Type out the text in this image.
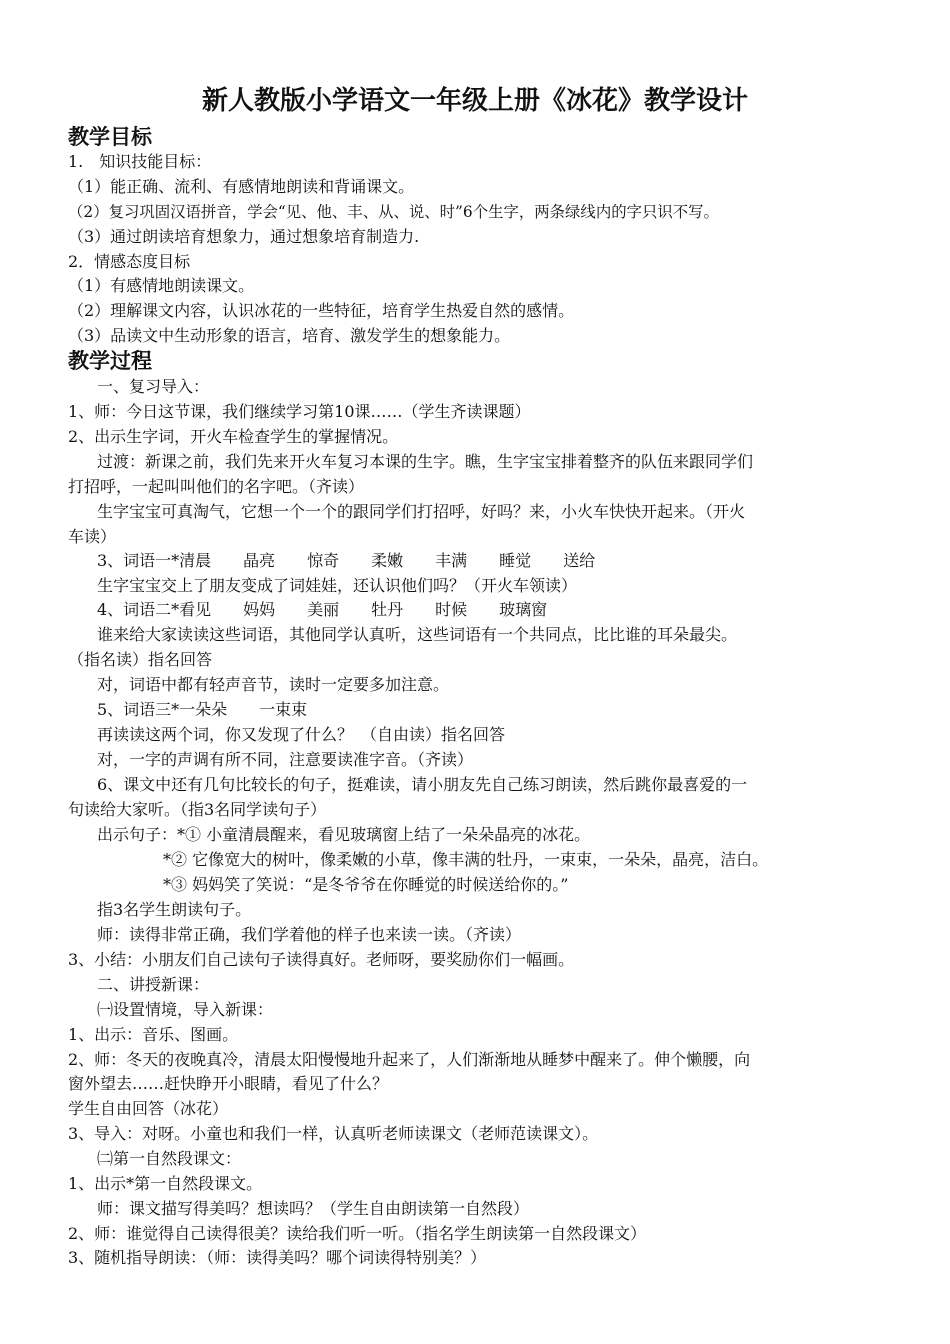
新人教版小学语文一年级上册《冰花》教学设计
教学目标
教学过程
1.　知识技能目标：
（1）能正确、流利、有感情地朗读和背诵课文。
（2）复习巩固汉语拼音，学会“见、他、丰、从、说、时”6个生字，两条绿线内的字只识不写。
（3）通过朗读培育想象力，通过想象培育制造力.
2．情感态度目标
（1）有感情地朗读课文。
（2）理解课文内容，认识冰花的一些特征，培育学生热爱自然的感情。
（3）品读文中生动形象的语言，培育、激发学生的想象能力。
一、复习导入：
1、师：今日这节课，我们继续学习第10课……（学生齐读课题）
2、出示生字词，开火车检查学生的掌握情况。
过渡：新课之前，我们先来开火车复习本课的生字。瞧，生字宝宝排着整齐的队伍来跟同学们
打招呼，一起叫叫他们的名字吧。（齐读）
生字宝宝可真淘气，它想一个一个的跟同学们打招呼，好吗？来，小火车快快开起来。（开火
车读）
3、词语一*清晨　　晶亮　　惊奇　　柔嫩　　丰满　　睡觉　　送给
生字宝宝交上了朋友变成了词娃娃，还认识他们吗？（开火车领读）
4、词语二*看见　　妈妈　　美丽　　牡丹　　时候　　玻璃窗
谁来给大家读读这些词语，其他同学认真听，这些词语有一个共同点，比比谁的耳朵最尖。
（指名读）指名回答
对，词语中都有轻声音节，读时一定要多加注意。
5、词语三*一朵朵　　一束束
再读读这两个词，你又发现了什么？　（自由读）指名回答
对，一字的声调有所不同，注意要读准字音。（齐读）
6、课文中还有几句比较长的句子，挺难读，请小朋友先自己练习朗读，然后跳你最喜爱的一
句读给大家听。（指3名同学读句子）
出示句子：*① 小童清晨醒来，看见玻璃窗上结了一朵朵晶亮的冰花。
*② 它像宽大的树叶，像柔嫩的小草，像丰满的牡丹，一束束，一朵朵，晶亮，洁白。
*③ 妈妈笑了笑说：“是冬爷爷在你睡觉的时候送给你的。”
指3名学生朗读句子。
师：读得非常正确，我们学着他的样子也来读一读。（齐读）
3、小结：小朋友们自己读句子读得真好。老师呀，要奖励你们一幅画。
二、讲授新课：
㈠设置情境，导入新课：
1、出示：音乐、图画。
2、师：冬天的夜晚真冷，清晨太阳慢慢地升起来了，人们渐渐地从睡梦中醒来了。伸个懒腰，向
窗外望去……赶快睁开小眼睛，看见了什么？
学生自由回答（冰花）
3、导入：对呀。小童也和我们一样，认真听老师读课文（老师范读课文）。
㈡第一自然段课文：
1、出示*第一自然段课文。
师：课文描写得美吗？想读吗？（学生自由朗读第一自然段）
2、师：谁觉得自己读得很美？读给我们听一听。（指名学生朗读第一自然段课文）
3、随机指导朗读：（师：读得美吗？哪个词读得特别美？）
